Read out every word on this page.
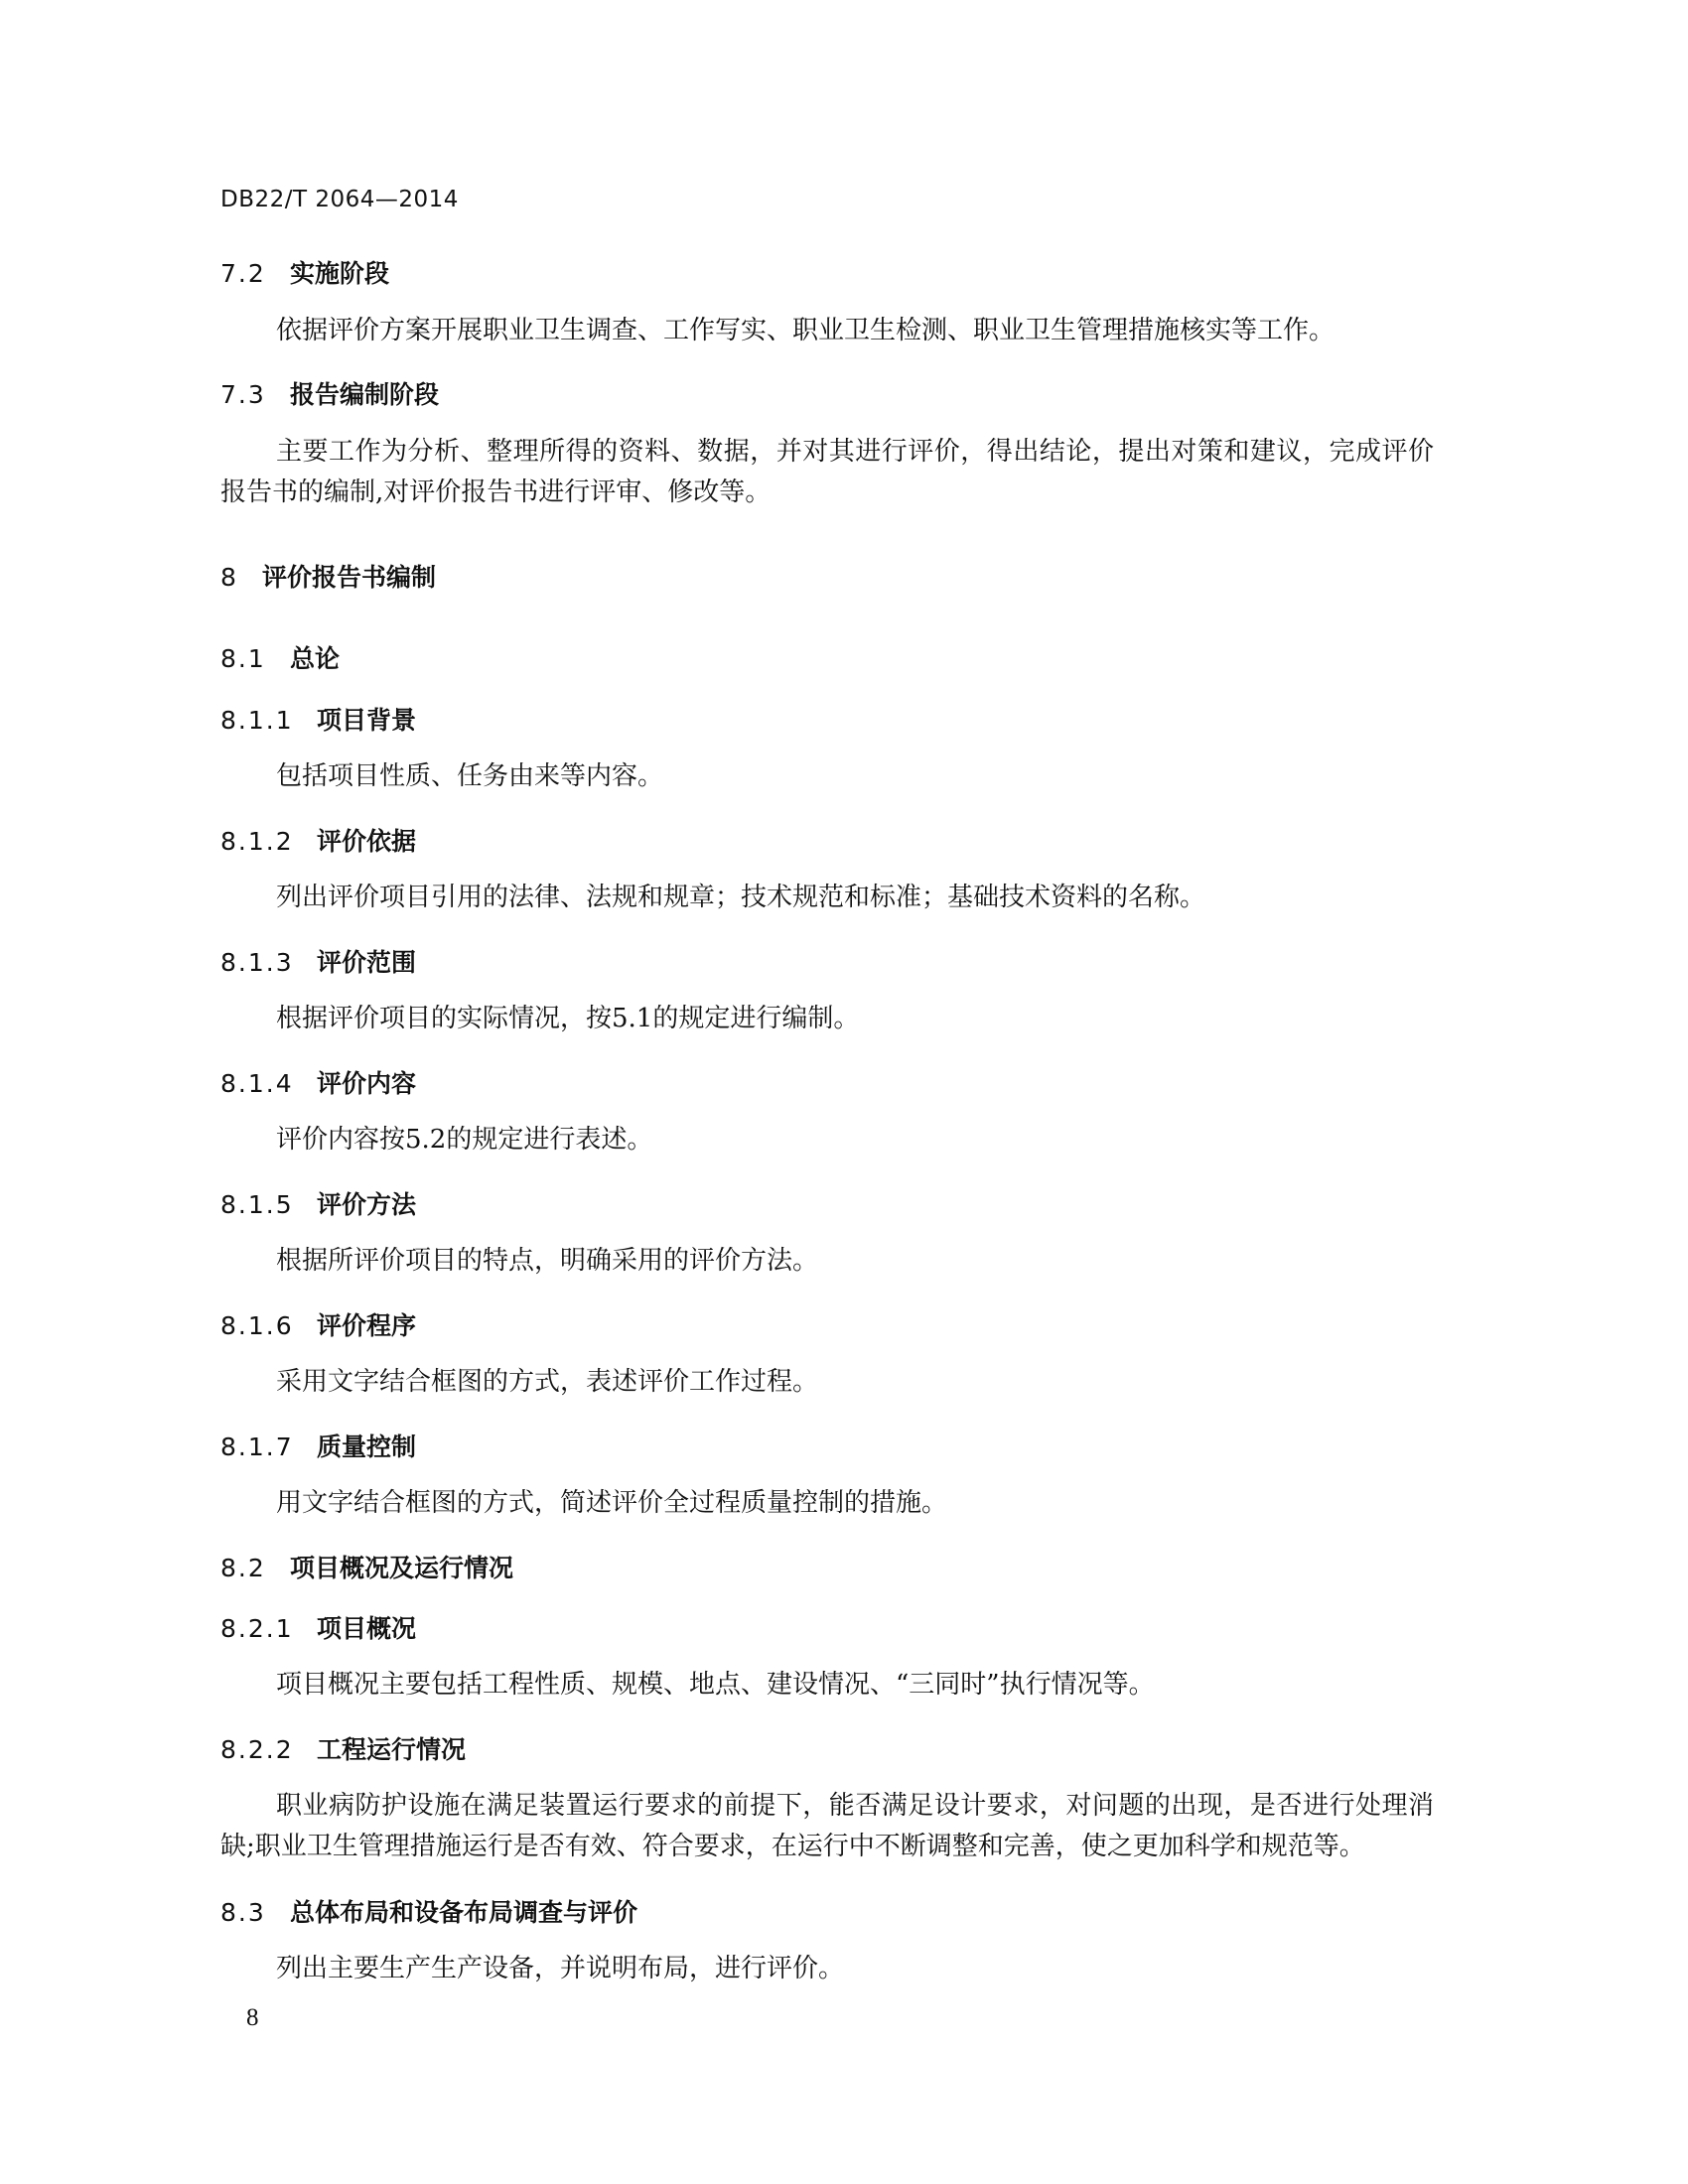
DB22/T 2064—2014
7.2 实施阶段
依据评价方案开展职业卫生调查、工作写实、职业卫生检测、职业卫生管理措施核实等工作。
7.3 报告编制阶段
主要工作为分析、整理所得的资料、数据，并对其进行评价，得出结论，提出对策和建议，完成评价报告书的编制,对评价报告书进行评审、修改等。
8 评价报告书编制
8.1 总论
8.1.1 项目背景
包括项目性质、任务由来等内容。
8.1.2 评价依据
列出评价项目引用的法律、法规和规章；技术规范和标准；基础技术资料的名称。
8.1.3 评价范围
根据评价项目的实际情况，按5.1的规定进行编制。
8.1.4 评价内容
评价内容按5.2的规定进行表述。
8.1.5 评价方法
根据所评价项目的特点，明确采用的评价方法。
8.1.6 评价程序
采用文字结合框图的方式，表述评价工作过程。
8.1.7 质量控制
用文字结合框图的方式，简述评价全过程质量控制的措施。
8.2 项目概况及运行情况
8.2.1 项目概况
项目概况主要包括工程性质、规模、地点、建设情况、“三同时”执行情况等。
8.2.2 工程运行情况
职业病防护设施在满足装置运行要求的前提下，能否满足设计要求，对问题的出现，是否进行处理消缺;职业卫生管理措施运行是否有效、符合要求，在运行中不断调整和完善，使之更加科学和规范等。
8.3 总体布局和设备布局调查与评价
列出主要生产生产设备，并说明布局，进行评价。
8
